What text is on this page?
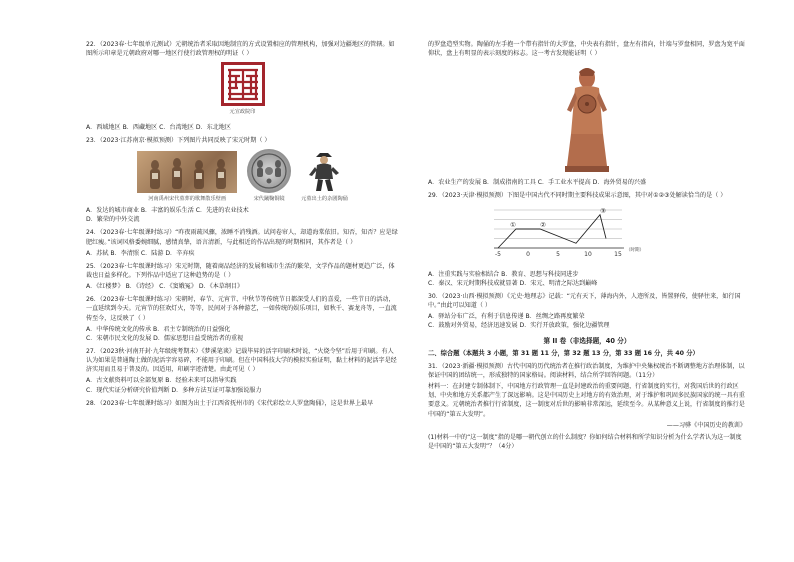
22．（2023春·七年级单元测试）元朝统治者采取因地制宜的方式设置相应的管理机构，加强对边疆地区的管辖。如图所示印章是元朝政府对哪一地区行使行政管理权的明证（ ）

元宣政院印

A．西域地区 B．西藏地区 C．台湾地区 D．东北地区

23．（2023·江苏南京·模拟预测）下列图片共同反映了宋元时期（ ）

河南禹州宋代墓葬的歌舞散乐壁画	宋代蹴鞠铜镜	元墓出土的杂剧陶俑

A．发达的城市商业 B．丰富的娱乐生活 C．先进的农业技术

D．繁荣的中外交流

24．（2023春·七年级课时练习）“昨夜雨疏风骤，浓睡不消残酒。试问卷帘人，却道海棠依旧。知否，知否？应是绿肥红瘦。”该词风格委婉细腻，感情真挚，语言清新，与此相近的作品出现的时期相同，其作者是（ ）

A．苏轼 B．李清照 C．陆游 D．辛弃疾

25．（2023春·七年级课时练习）宋元时期，随着商品经济的发展和城市生活的繁荣，文学作品的题材更趋广泛，体裁也日益多样化。下列作品中适应了这种趋势的是（ ）

A．《红楼梦》 B．《诗经》 C．《窦娥冤》 D．《本草纲目》

26．（2023春·七年级课时练习）宋朝时，春节、元宵节、中秋节等传统节日都深受人们的喜爱，一些节日的活动，一直延续到今天。元宵节的狂欢灯火，等等，民间对于各种游艺，一如传统的娱乐项目，如秋千、赛龙舟等，一直流传至今，这反映了（ ）

A．中华传统文化的传承 B．君主专制统治的日益强化

C．宋朝市民文化的发展 D．儒家思想日益受统治者的重视

27．（2023秋·河南开封·九年级统考期末）《梦溪笔谈》记载毕昇的活字印刷术时说，“火烧令坚”后用于印刷。有人认为如果是普通陶土做的泥活字容易碎，不能用于印刷。但在中国科技大学的模拟实验证明，黏土材料的泥活字是经济实用而且易于普及的。因适用，印刷字迹清楚。由此可见（ ）

A．古文献资料可以全部复原 B．经验未来可以指导实践

C．现代实证分析研究价值判断 D．多种方法互证可靠加强说服力

28．（2023春·七年级课时练习）如图为出土于江西省抚州市的《宋代彩绘立人罗盘陶俑》，这是世界上最早

的罗盘造型实物。陶俑的左手抱一个带有指针的大罗盘，中央表有指针，盘左有指向，针端与罗盘相同，罗盘为宽平面仰状，盘上有明显的表示刻度的标志。这一考古发现能证明（ ）

A．农业生产的发展 B．制成指南的工具 C．手工业水平提高 D．海外贸易的兴盛

29．（2023·天津·模拟预测）下图是中国古代不同时期主要科技成果示意图，其中对①②③处解读恰当的是（ ）

-5	0	5	10	15
（时期）
①	②
③

A．注重实践与实验相结合 B．教育、思想与科技同进步

C．秦汉、宋元时期科技成就显著 D．宋元、明清之际达到巅峰

30．（2023·山西·模拟预测）《元史·地理志》记载：“元有天下，薄海内外，人迹所及，皆置驿传，使驿往来，如行国中。”由此可以知道（ ）

A．驿站分布广泛，有利于信息传递 B．丝绸之路再度繁荣

C．鼓励对外贸易，经济迅速发展 D．实行开放政策，强化边疆管理

第 II 卷（非选择题，40 分）
二、综合题（本题共 3 小题，第 31 题 11 分，第 32 题 13 分，第 33 题 16 分，共 40 分）

31．（2023·新疆·模拟预测）古代中国的历代统治者在推行政治制度，为维护中央集权统治不断调整地方治理体制，以保证中国的团结统一，形成独特的国家格局。阅读材料，结合所学回答问题。（11分）

材料一：在封建专制体制下，中国地方行政管理一直是封建政治的重要问题，行省制度的实行，对我国后世的行政区划、中央和地方关系都产生了深远影响。这是中国历史上对地方的有效治理，对于维护和巩固多民族国家的统一具有重要意义。元朝统治者推行行省制度，这一制度对后世的影响非常深远，延续至今。从某种意义上说，行省制度的推行是中国的“第五大发明”。

——习骅《中国历史的教训》

(1)材料一中的“这一制度”指的是哪一朝代创立的什么制度？你如何结合材料和所学知识分析为什么学者认为这一制度是中国的“第五大发明”？（4分）
